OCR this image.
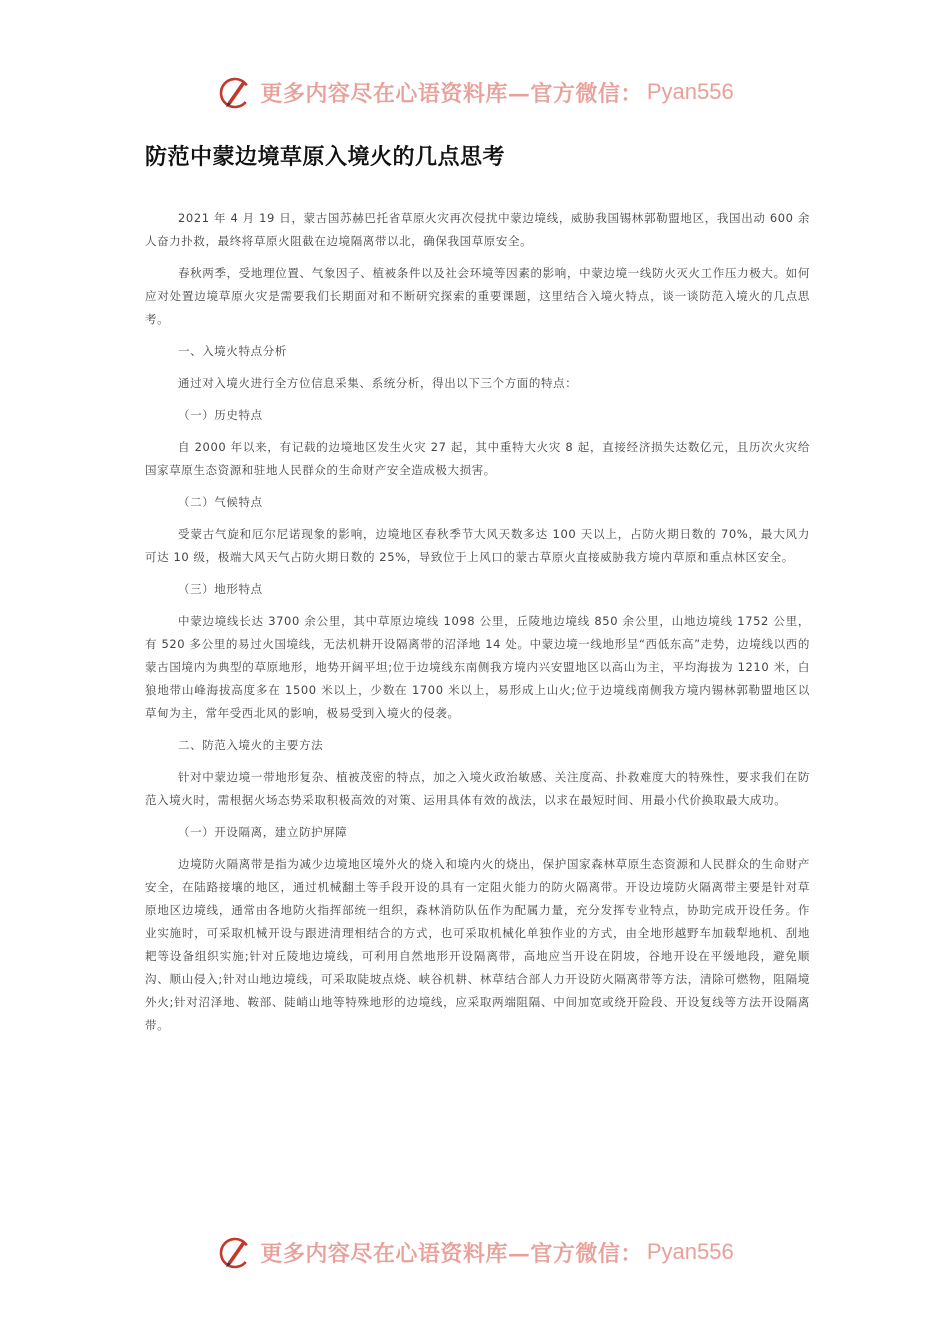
更多内容尽在心语资料库—官方微信： Pyan556
防范中蒙边境草原入境火的几点思考

2021 年 4 月 19 日，蒙古国苏赫巴托省草原火灾再次侵扰中蒙边境线，威胁我国锡林郭勒盟地区，我国出动 600 余人奋力扑救，最终将草原火阻截在边境隔离带以北，确保我国草原安全。

春秋两季，受地理位置、气象因子、植被条件以及社会环境等因素的影响，中蒙边境一线防火灭火工作压力极大。如何应对处置边境草原火灾是需要我们长期面对和不断研究探索的重要课题，这里结合入境火特点，谈一谈防范入境火的几点思考。

一、入境火特点分析

通过对入境火进行全方位信息采集、系统分析，得出以下三个方面的特点：

（一）历史特点

自 2000 年以来，有记载的边境地区发生火灾 27 起，其中重特大火灾 8 起，直接经济损失达数亿元，且历次火灾给国家草原生态资源和驻地人民群众的生命财产安全造成极大损害。

（二）气候特点

受蒙古气旋和厄尔尼诺现象的影响，边境地区春秋季节大风天数多达 100 天以上，占防火期日数的 70%，最大风力可达 10 级，极端大风天气占防火期日数的 25%，导致位于上风口的蒙古草原火直接威胁我方境内草原和重点林区安全。

（三）地形特点

中蒙边境线长达 3700 余公里，其中草原边境线 1098 公里，丘陵地边境线 850 余公里，山地边境线 1752 公里，有 520 多公里的易过火国境线，无法机耕开设隔离带的沼泽地 14 处。中蒙边境一线地形呈“西低东高”走势，边境线以西的蒙古国境内为典型的草原地形，地势开阔平坦;位于边境线东南侧我方境内兴安盟地区以高山为主，平均海拔为 1210 米，白狼地带山峰海拔高度多在 1500 米以上，少数在 1700 米以上，易形成上山火;位于边境线南侧我方境内锡林郭勒盟地区以草甸为主，常年受西北风的影响，极易受到入境火的侵袭。

二、防范入境火的主要方法

针对中蒙边境一带地形复杂、植被茂密的特点，加之入境火政治敏感、关注度高、扑救难度大的特殊性，要求我们在防范入境火时，需根据火场态势采取积极高效的对策、运用具体有效的战法，以求在最短时间、用最小代价换取最大成功。

（一）开设隔离，建立防护屏障

边境防火隔离带是指为减少边境地区境外火的烧入和境内火的烧出，保护国家森林草原生态资源和人民群众的生命财产安全，在陆路接壤的地区，通过机械翻土等手段开设的具有一定阻火能力的防火隔离带。开设边境防火隔离带主要是针对草原地区边境线，通常由各地防火指挥部统一组织，森林消防队伍作为配属力量，充分发挥专业特点，协助完成开设任务。作业实施时，可采取机械开设与跟进清理相结合的方式，也可采取机械化单独作业的方式，由全地形越野车加载犁地机、刮地耙等设备组织实施;针对丘陵地边境线，可利用自然地形开设隔离带，高地应当开设在阴坡，谷地开设在平缓地段，避免顺沟、顺山侵入;针对山地边境线，可采取陡坡点烧、峡谷机耕、林草结合部人力开设防火隔离带等方法，清除可燃物，阻隔境外火;针对沼泽地、鞍部、陡峭山地等特殊地形的边境线，应采取两端阻隔、中间加宽或绕开险段、开设复线等方法开设隔离带。

更多内容尽在心语资料库—官方微信： Pyan556
